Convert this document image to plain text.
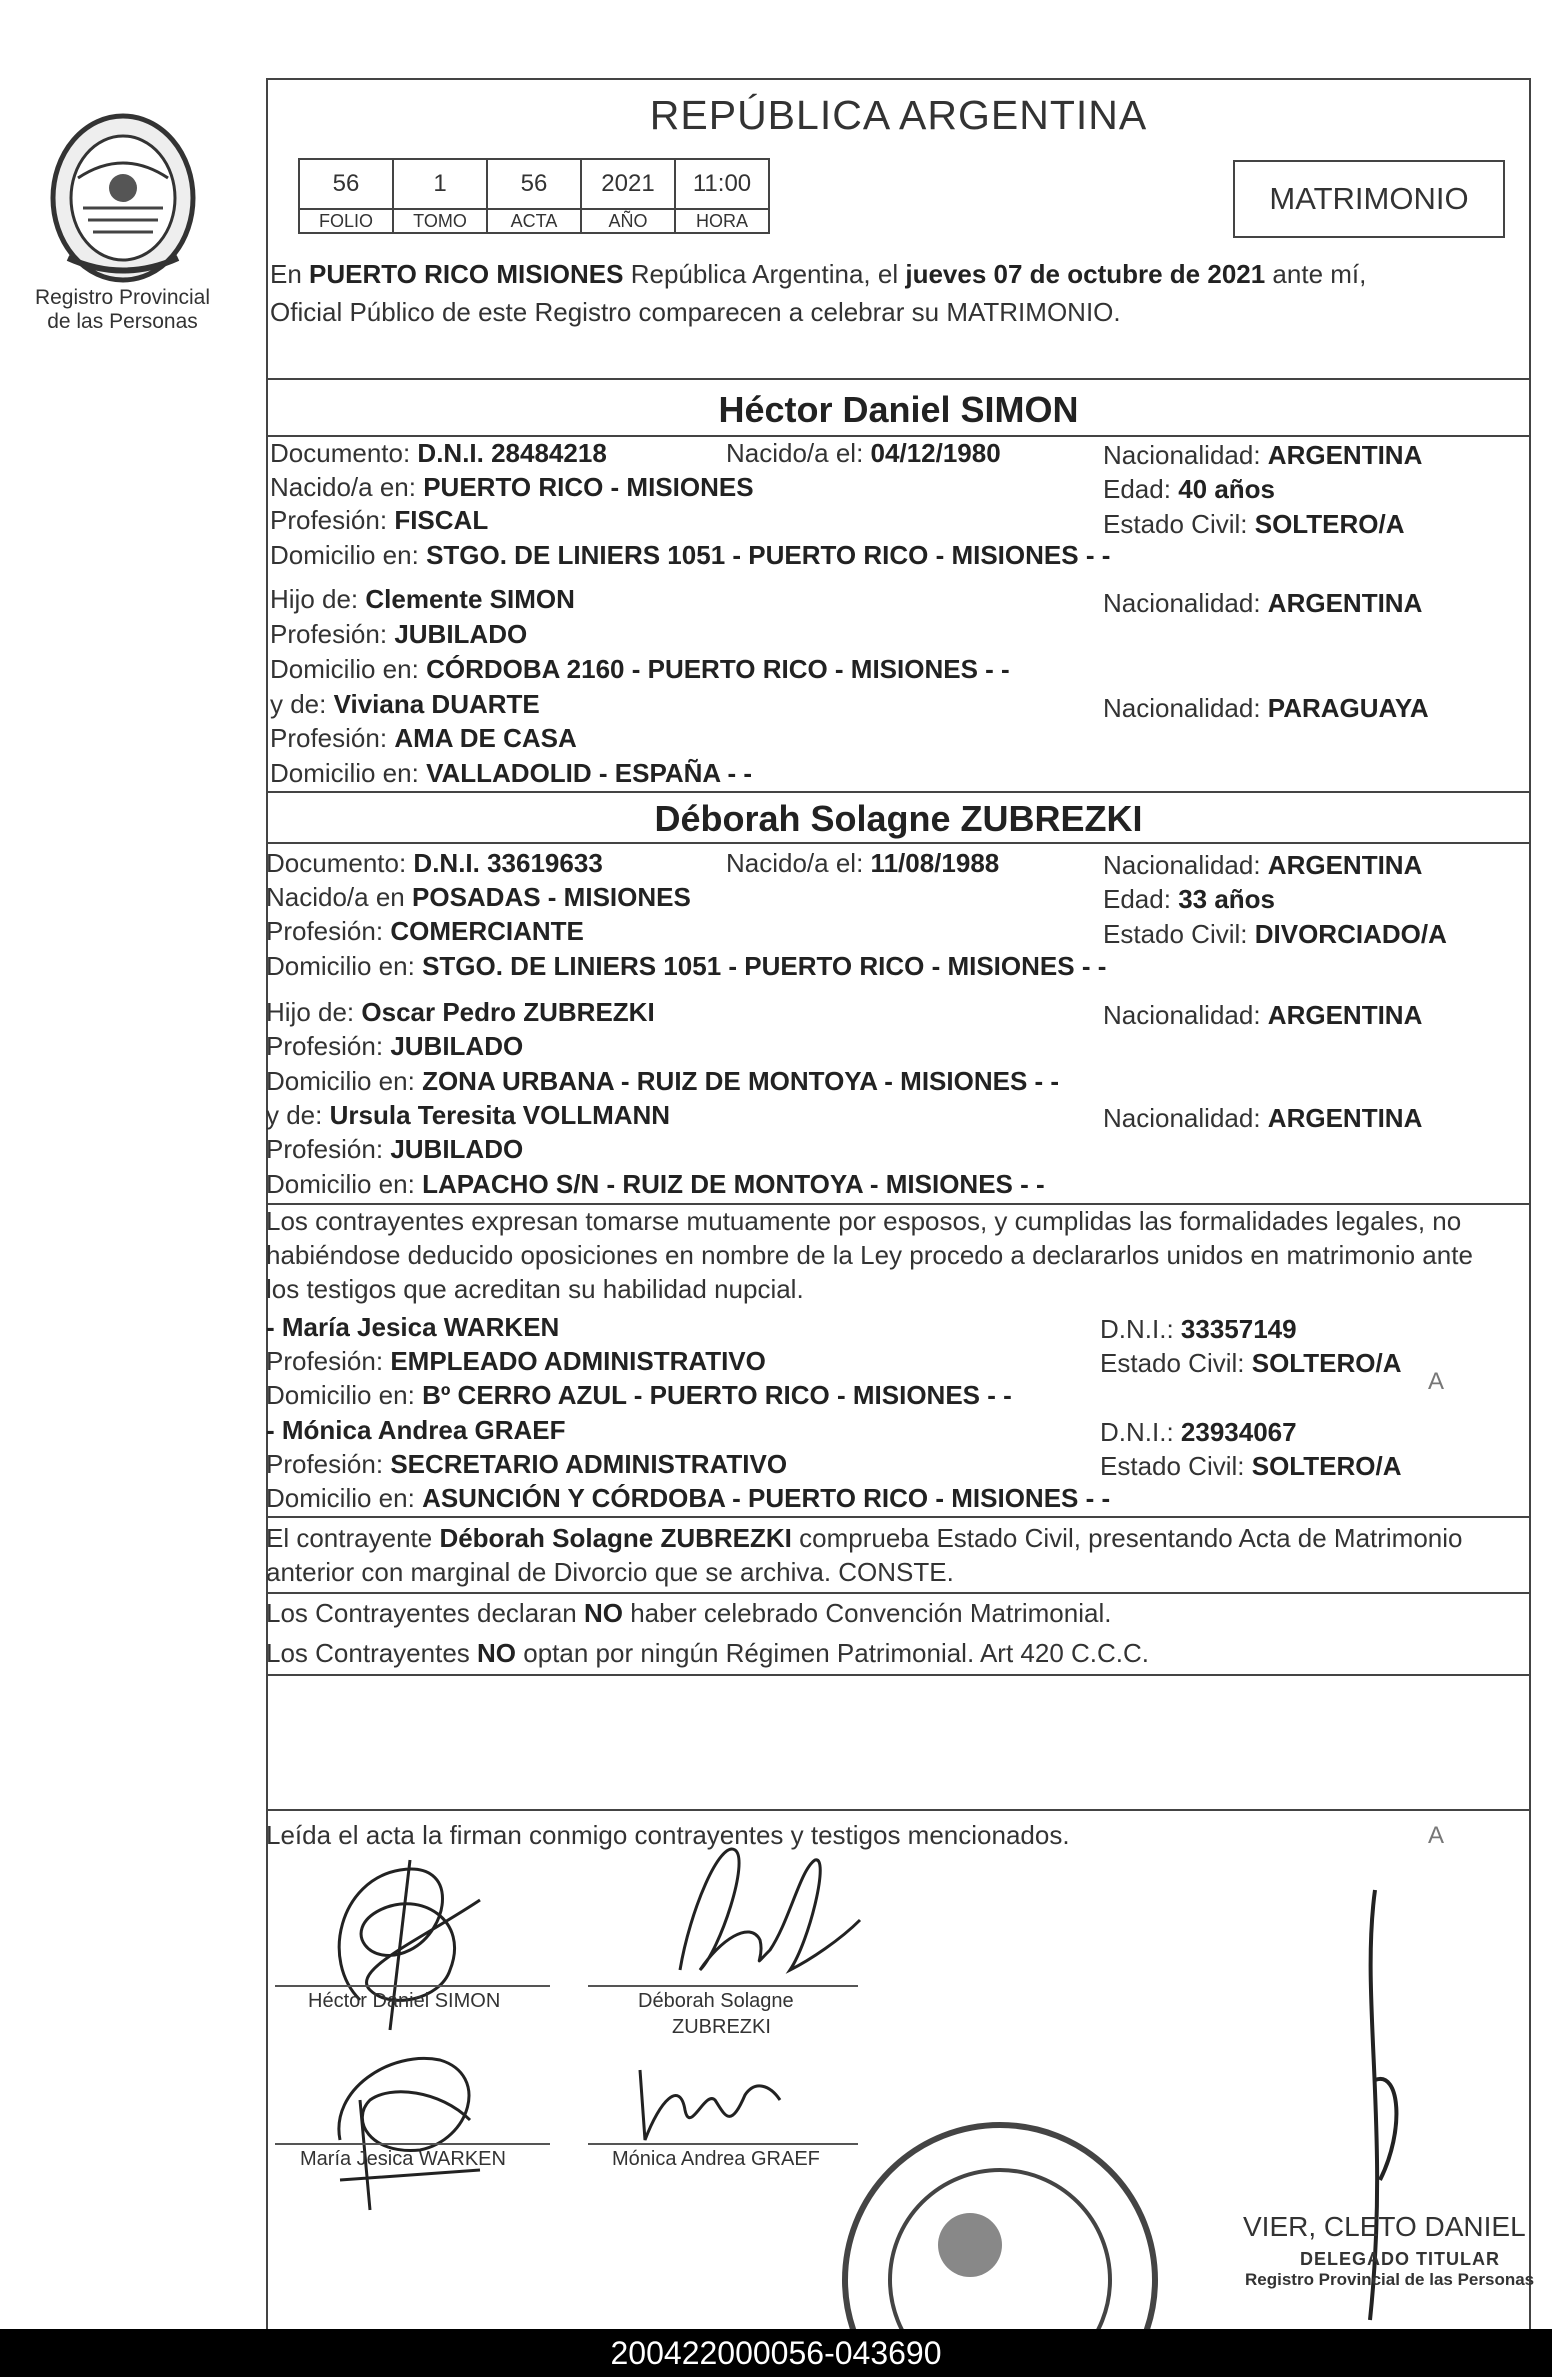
Registro Provincial
de las Personas
REPÚBLICA ARGENTINA
56	1	56	2021	11:00
FOLIO	TOMO	ACTA	AÑO	HORA
MATRIMONIO
En PUERTO RICO MISIONES República Argentina, el jueves 07 de octubre de 2021 ante mí,
Oficial Público de este Registro comparecen a celebrar su MATRIMONIO.
Héctor Daniel SIMON
Documento: D.N.I. 28484218	Nacido/a el: 04/12/1980	Nacionalidad: ARGENTINA
Nacido/a en: PUERTO RICO - MISIONES	Edad: 40 años
Profesión: FISCAL	Estado Civil: SOLTERO/A
Domicilio en: STGO. DE LINIERS 1051 - PUERTO RICO - MISIONES - -
Hijo de: Clemente SIMON	Nacionalidad: ARGENTINA
Profesión: JUBILADO
Domicilio en: CÓRDOBA 2160 - PUERTO RICO - MISIONES - -
y de: Viviana DUARTE	Nacionalidad: PARAGUAYA
Profesión: AMA DE CASA
Domicilio en: VALLADOLID - ESPAÑA - -
Déborah Solagne ZUBREZKI
Documento: D.N.I. 33619633	Nacido/a el: 11/08/1988	Nacionalidad: ARGENTINA
Nacido/a en POSADAS - MISIONES	Edad: 33 años
Profesión: COMERCIANTE	Estado Civil: DIVORCIADO/A
Domicilio en: STGO. DE LINIERS 1051 - PUERTO RICO - MISIONES - -
Hijo de: Oscar Pedro ZUBREZKI	Nacionalidad: ARGENTINA
Profesión: JUBILADO
Domicilio en: ZONA URBANA - RUIZ DE MONTOYA - MISIONES - -
y de: Ursula Teresita VOLLMANN	Nacionalidad: ARGENTINA
Profesión: JUBILADO
Domicilio en: LAPACHO S/N - RUIZ DE MONTOYA - MISIONES - -
Los contrayentes expresan tomarse mutuamente por esposos, y cumplidas las formalidades legales, no
habiéndose deducido oposiciones en nombre de la Ley procedo a declararlos unidos en matrimonio ante
los testigos que acreditan su habilidad nupcial.
- María Jesica WARKEN	D.N.I.: 33357149
Profesión: EMPLEADO ADMINISTRATIVO	Estado Civil: SOLTERO/A
Domicilio en: Bº CERRO AZUL - PUERTO RICO - MISIONES - -	A
- Mónica Andrea GRAEF	D.N.I.: 23934067
Profesión: SECRETARIO ADMINISTRATIVO	Estado Civil: SOLTERO/A
Domicilio en: ASUNCIÓN Y CÓRDOBA - PUERTO RICO - MISIONES - -
El contrayente Déborah Solagne ZUBREZKI comprueba Estado Civil, presentando Acta de Matrimonio
anterior con marginal de Divorcio que se archiva. CONSTE.
Los Contrayentes declaran NO haber celebrado Convención Matrimonial.
Los Contrayentes NO optan por ningún Régimen Patrimonial. Art 420 C.C.C.
Leída el acta la firman conmigo contrayentes y testigos mencionados.	A
Héctor Daniel SIMON	Déborah Solagne
ZUBREZKI
María Jesica WARKEN	Mónica Andrea GRAEF
VIER, CLETO DANIEL
DELEGADO TITULAR
Registro Provincial de las Personas
200422000056-043690
